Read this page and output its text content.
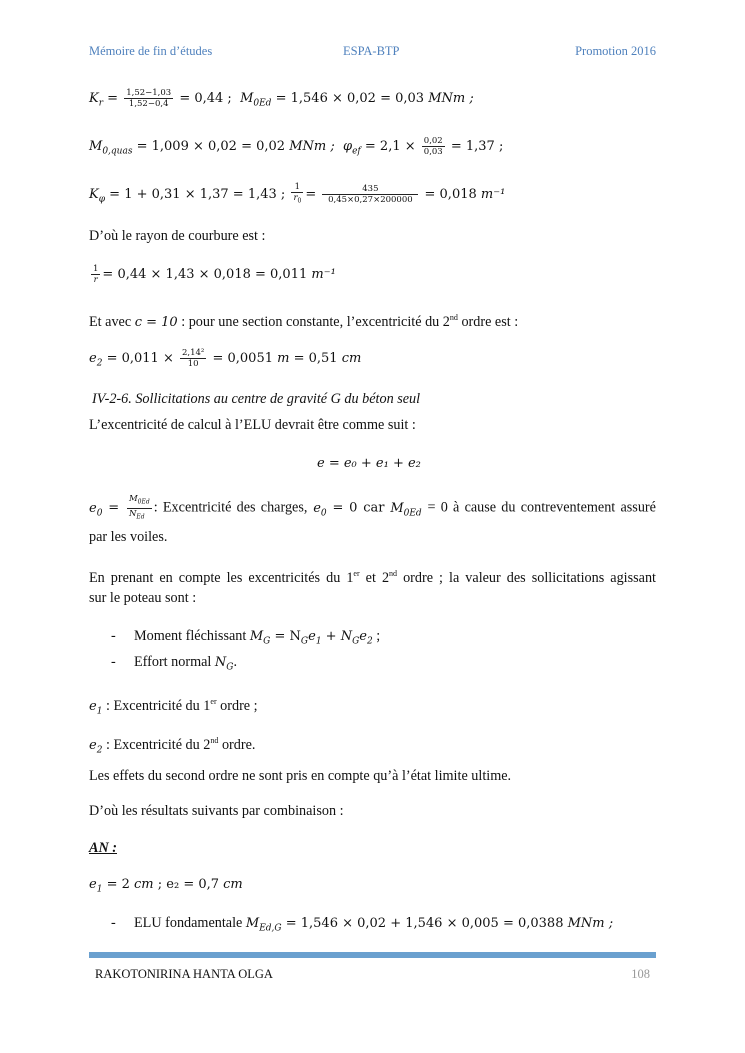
Mémoire de fin d’études	ESPA-BTP	Promotion 2016
$K_r = \frac{1,52-1,03}{1,52-0,4} = 0,44$ ; $M_{0Ed} = 1,546 \times 0,02 = 0,03$ MNm ;
$M_{0,quas} = 1,009 \times 0,02 = 0,02$ MNm ; $\varphi_{ef} = 2,1 \times \frac{0,02}{0,03} = 1,37$ ;
$K_\varphi = 1 + 0,31 \times 1,37 = 1,43$ ; $\frac{1}{r_0} = \frac{435}{0,45\times 0,27\times 200000} = 0,018$ m⁻¹
D’où le rayon de courbure est :
$\frac{1}{r} = 0,44 \times 1,43 \times 0,018 = 0,011$ m⁻¹
Et avec c = 10 : pour une section constante, l’excentricité du 2nd ordre est :
$e_2 = 0,011 \times \frac{\text{2,14²}}{10} = 0,0051$ m = 0,51 cm
IV-2-6. Sollicitations au centre de gravité G du béton seul
L’excentricité de calcul à l’ELU devrait être comme suit :
e = e₀ + e₁ + e₂
$e_0 = \frac{M_{0Ed}}{N_{Ed}}$ : Excentricité des charges, $e_0 = 0$ car $M_{0Ed} = 0$ à cause du contreventement assuré
par les voiles.
En prenant en compte les excentricités du 1er et 2nd ordre ; la valeur des sollicitations agissant
sur le poteau sont :
- Moment fléchissant $M_G = N_Ge_1 + N_Ge_2$ ;
- Effort normal $N_G$.
$e_1$ : Excentricité du 1er ordre ;
$e_2$ : Excentricité du 2nd ordre.
Les effets du second ordre ne sont pris en compte qu’à l’état limite ultime.
D’où les résultats suivants par combinaison :
AN :
$e_1 = 2$ cm ; e₂ = 0,7 cm
- ELU fondamentale $M_{Ed,G} = 1,546 \times 0,02 + 1,546 \times 0,005 = 0,0388$ MNm ;
RAKOTONIRINA HANTA OLGA	108
